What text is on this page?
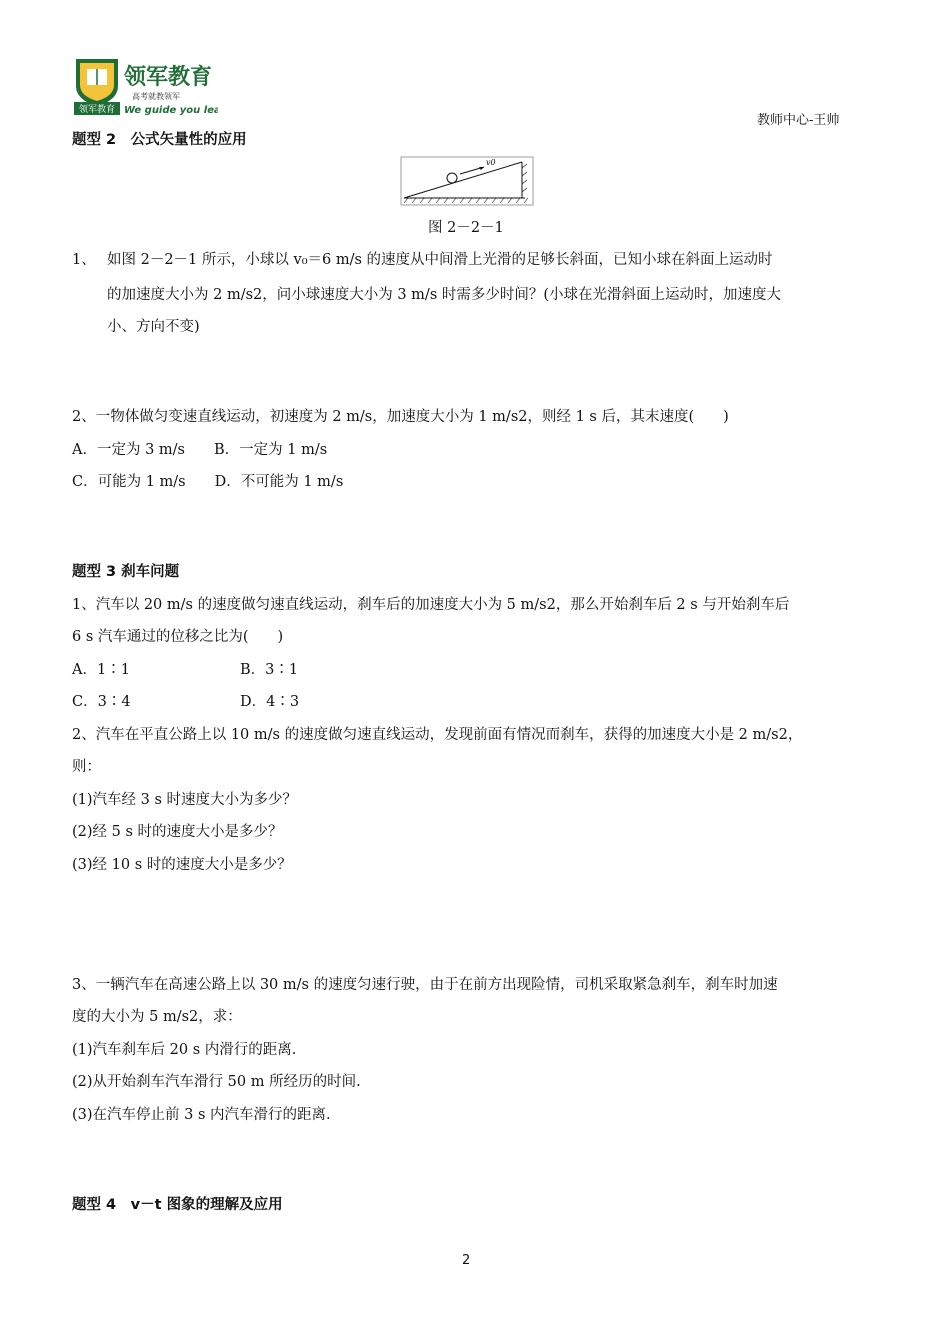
领军教育
领军教育
高考就教领军
We guide you lead
教师中心-王帅
题型 2　公式矢量性的应用
v0
图 2－2－1
1、 如图 2－2－1 所示，小球以 v₀＝6 m/s 的速度从中间滑上光滑的足够长斜面，已知小球在斜面上运动时
的加速度大小为 2 m/s2，问小球速度大小为 3 m/s 时需多少时间？(小球在光滑斜面上运动时，加速度大
小、方向不变)
2、一物体做匀变速直线运动，初速度为 2 m/s，加速度大小为 1 m/s2，则经 1 s 后，其末速度(　　)
A．一定为 3 m/s　　B．一定为 1 m/s
C．可能为 1 m/s　　D．不可能为 1 m/s
题型 3 刹车问题
1、汽车以 20 m/s 的速度做匀速直线运动，刹车后的加速度大小为 5 m/s2，那么开始刹车后 2 s 与开始刹车后
6 s 汽车通过的位移之比为(　　)
A．1∶1	B．3∶1
C．3∶4	D．4∶3
2、汽车在平直公路上以 10 m/s 的速度做匀速直线运动，发现前面有情况而刹车，获得的加速度大小是 2 m/s2，
则：
(1)汽车经 3 s 时速度大小为多少？
(2)经 5 s 时的速度大小是多少？
(3)经 10 s 时的速度大小是多少？
3、一辆汽车在高速公路上以 30 m/s 的速度匀速行驶，由于在前方出现险情，司机采取紧急刹车，刹车时加速
度的大小为 5 m/s2，求：
(1)汽车刹车后 20 s 内滑行的距离.
(2)从开始刹车汽车滑行 50 m 所经历的时间.
(3)在汽车停止前 3 s 内汽车滑行的距离.
题型 4　v－t 图象的理解及应用
2
